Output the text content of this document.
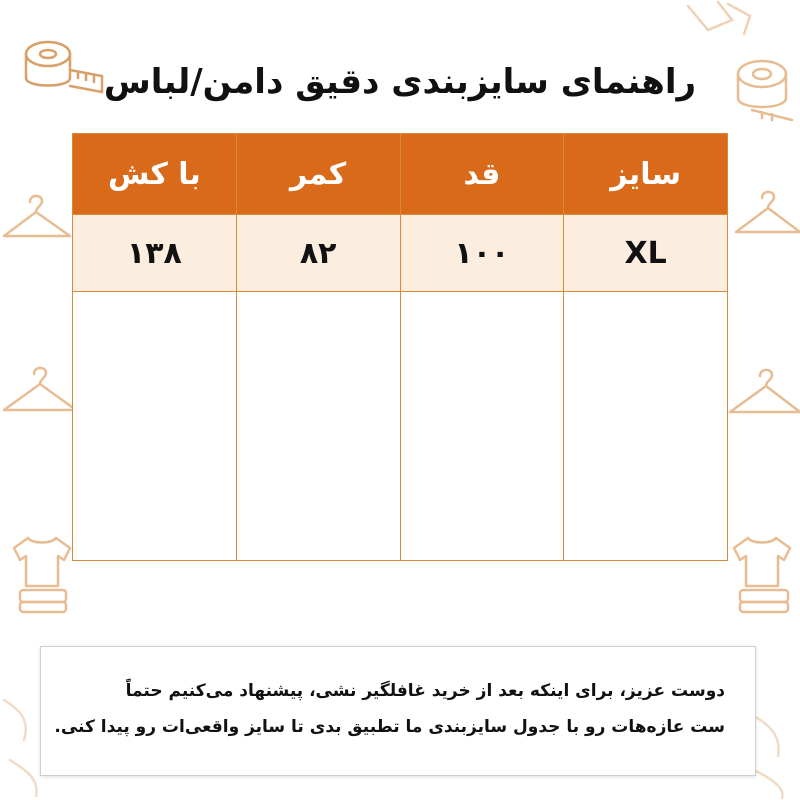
راهنمای سایزبندی دقیق دامن/لباس
سایز	قد	کمر	با کش
XL	۱۰۰	۸۲	۱۳۸

دوست عزیز، برای اینکه بعد از خرید غافلگیر نشی، پیشنهاد می‌کنیم حتماً

ست عازه‌هات رو با جدول سایزبندی ما تطبیق بدی تا سایز واقعی‌ات رو پیدا کنی.
